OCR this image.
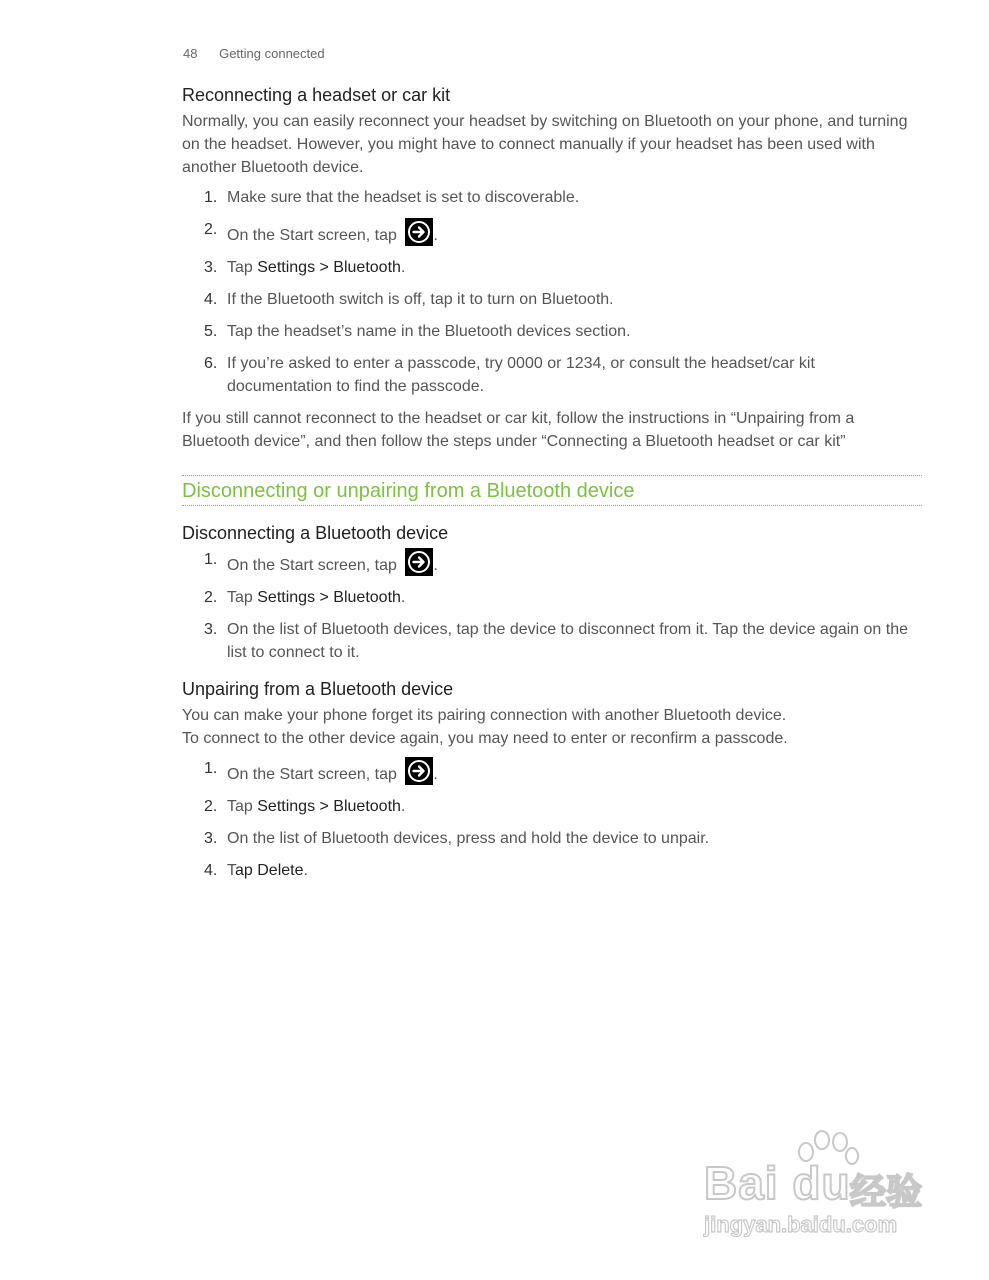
48 Getting connected
Reconnecting a headset or car kit

Normally, you can easily reconnect your headset by switching on Bluetooth on your phone, and turning on the headset. However, you might have to connect manually if your headset has been used with another Bluetooth device.

1. Make sure that the headset is set to discoverable.
2. On the Start screen, tap .
3. Tap Settings > Bluetooth.
4. If the Bluetooth switch is off, tap it to turn on Bluetooth.
5. Tap the headset’s name in the Bluetooth devices section.
6. If you’re asked to enter a passcode, try 0000 or 1234, or consult the headset/car kit documentation to find the passcode.

If you still cannot reconnect to the headset or car kit, follow the instructions in “Unpairing from a Bluetooth device”, and then follow the steps under “Connecting a Bluetooth headset or car kit”

Disconnecting or unpairing from a Bluetooth device
Disconnecting a Bluetooth device
1. On the Start screen, tap .
2. Tap Settings > Bluetooth.
3. On the list of Bluetooth devices, tap the device to disconnect from it. Tap the device again on the list to connect to it.
Unpairing from a Bluetooth device

You can make your phone forget its pairing connection with another Bluetooth device.
To connect to the other device again, you may need to enter or reconfirm a passcode.

1. On the Start screen, tap .
2. Tap Settings > Bluetooth.
3. On the list of Bluetooth devices, press and hold the device to unpair.
4. Tap Delete.
Bai du 经验
jingyan.baidu.com
